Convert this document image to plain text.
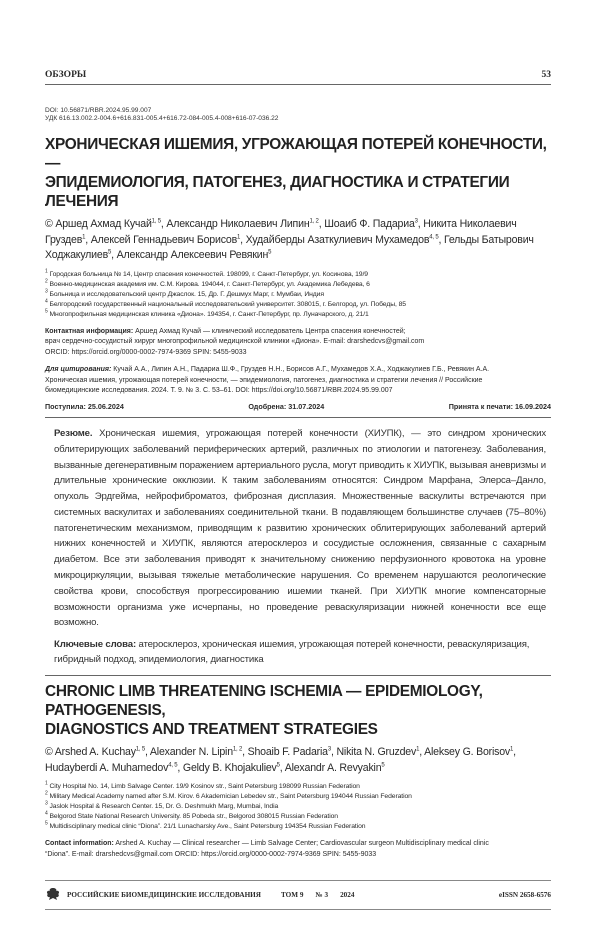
ОБЗОРЫ	53
DOI: 10.56871/RBR.2024.95.99.007
УДК 616.13.002.2-004.6+616.831-005.4+616.72-084-005.4-008+616-07-036.22
ХРОНИЧЕСКАЯ ИШЕМИЯ, УГРОЖАЮЩАЯ ПОТЕРЕЙ КОНЕЧНОСТИ, —
ЭПИДЕМИОЛОГИЯ, ПАТОГЕНЕЗ, ДИАГНОСТИКА И СТРАТЕГИИ ЛЕЧЕНИЯ
© Аршед Ахмад Кучай1, 5, Александр Николаевич Липин1, 2, Шоаиб Ф. Падариа3, Никита Николаевич Груздев1, Алексей Геннадьевич Борисов1, Худайберды Азаткулиевич Мухамедов4, 5, Гельды Батырович Ходжакулиев5, Александр Алексеевич Ревякин5
1 Городская больница № 14, Центр спасения конечностей. 198099, г. Санкт-Петербург, ул. Косинова, 19/9
2 Военно-медицинская академия им. С.М. Кирова. 194044, г. Санкт-Петербург, ул. Академика Лебедева, 6
3 Больница и исследовательский центр Джаслок. 15, Др. Г. Дешмух Марг, г. Мумбаи, Индия
4 Белгородский государственный национальный исследовательский университет. 308015, г. Белгород, ул. Победы, 85
5 Многопрофильная медицинская клиника «Диона». 194354, г. Санкт-Петербург, пр. Луначарского, д. 21/1
Контактная информация: Аршед Ахмад Кучай — клинический исследователь Центра спасения конечностей;
врач сердечно-сосудистый хирург многопрофильной медицинской клиники «Диона». E-mail: drarshedcvs@gmail.com
ORCID: https://orcid.org/0000-0002-7974-9369 SPIN: 5455-9033
Для цитирования: Кучай А.А., Липин А.Н., Падариа Ш.Ф., Груздев Н.Н., Борисов А.Г., Мухамедов Х.А., Ходжакулиев Г.Б., Ревякин А.А.
Хроническая ишемия, угрожающая потерей конечности, — эпидемиология, патогенез, диагностика и стратегии лечения // Российские
биомедицинские исследования. 2024. Т. 9. № 3. С. 53–61. DOI: https://doi.org/10.56871/RBR.2024.95.99.007
Поступила: 25.06.2024	Одобрена: 31.07.2024	Принята к печати: 16.09.2024
Резюме. Хроническая ишемия, угрожающая потерей конечности (ХИУПК), — это синдром хронических облитерирующих заболеваний периферических артерий, различных по этиологии и патогенезу. Заболевания, вызванные дегенеративным поражением артериального русла, могут приводить к ХИУПК, вызывая аневризмы и длительные хронические окклюзии. К таким заболеваниям относятся: Синдром Марфана, Элерса–Данло, опухоль Эрдгейма, нейрофиброматоз, фиброзная дисплазия. Множественные васкулиты встречаются при системных васкулитах и заболеваниях соединительной ткани. В подавляющем большинстве случаев (75–80%) патогенетическим механизмом, приводящим к развитию хронических облитерирующих заболеваний артерий нижних конечностей и ХИУПК, являются атеросклероз и сосудистые осложнения, связанные с сахарным диабетом. Все эти заболевания приводят к значительному снижению перфузионного кровотока на уровне микроциркуляции, вызывая тяжелые метаболические нарушения. Со временем нарушаются реологические свойства крови, способствуя прогрессированию ишемии тканей. При ХИУПК многие компенсаторные возможности организма уже исчерпаны, но проведение реваскуляризации нижней конечности все еще возможно.
Ключевые слова: атеросклероз, хроническая ишемия, угрожающая потерей конечности, реваскуляризация, гибридный подход, эпидемиология, диагностика
CHRONIC LIMB THREATENING ISCHEMIA — EPIDEMIOLOGY, PATHOGENESIS,
DIAGNOSTICS AND TREATMENT STRATEGIES
© Arshed A. Kuchay1, 5, Alexander N. Lipin1, 2, Shoaib F. Padaria3, Nikita N. Gruzdev1, Aleksey G. Borisov1, Hudayberdi A. Muhamedov4, 5, Geldy B. Khojakuliev5, Alexandr A. Revyakin5
1 City Hospital No. 14, Limb Salvage Center. 19/9 Kosinov str., Saint Petersburg 198099 Russian Federation
2 Military Medical Academy named after S.M. Kirov. 6 Akademician Lebedev str., Saint Petersburg 194044 Russian Federation
3 Jaslok Hospital & Research Center. 15, Dr. G. Deshmukh Marg, Mumbai, India
4 Belgorod State National Research University. 85 Pobeda str., Belgorod 308015 Russian Federation
5 Multidisciplinary medical clinic “Diona”. 21/1 Lunacharsky Ave., Saint Petersburg 194354 Russian Federation
Contact information: Arshed A. Kuchay — Clinical researcher — Limb Salvage Center; Cardiovascular surgeon Multidisciplinary medical clinic
“Diona”. E-mail: drarshedcvs@gmail.com ORCID: https://orcid.org/0000-0002-7974-9369 SPIN: 5455-9033
РОССИЙСКИЕ БИОМЕДИЦИНСКИЕ ИССЛЕДОВАНИЯ	ТОМ 9 № 3 2024	eISSN 2658-6576
